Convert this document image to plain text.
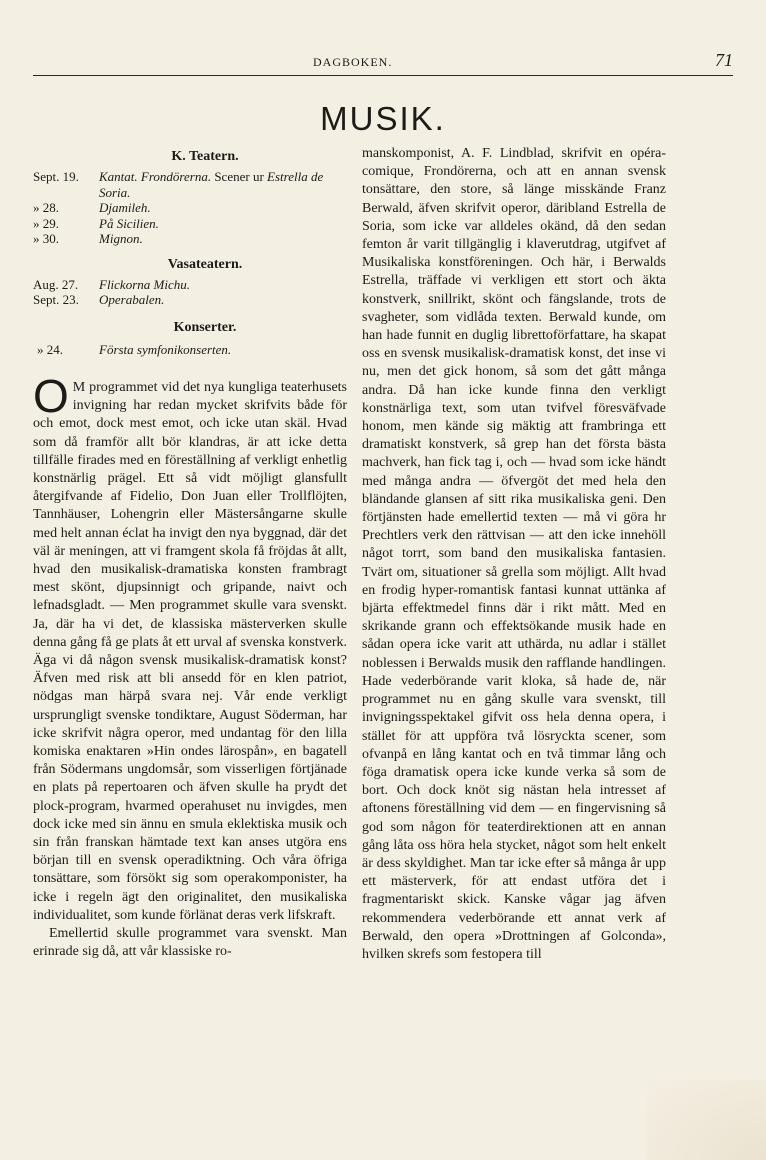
DAGBOKEN.	71
MUSIK.
K. Teatern.
Sept. 19.	Kantat. Frondörerna. Scener ur Estrella de Soria.
» 28.	Djamileh.
» 29.	På Sicilien.
» 30.	Mignon.
Vasateatern.
Aug. 27.	Flickorna Michu.
Sept. 23.	Operabalen.
Konserter.
» 24.	Första symfonikonserten.

O M programmet vid det nya kungliga teaterhusets invigning har redan mycket skrifvits både för och emot, dock mest emot, och icke utan skäl. Hvad som då framför allt bör klandras, är att icke detta tillfälle firades med en föreställning af verkligt enhetlig konstnärlig prägel. Ett så vidt möjligt glansfullt återgifvande af Fidelio, Don Juan eller Trollflöjten, Tannhäuser, Lohengrin eller Mästersångarne skulle med helt annan éclat ha invigt den nya byggnad, där det väl är meningen, att vi framgent skola få fröjdas åt allt, hvad den musikalisk-dramatiska konsten frambragt mest skönt, djupsinnigt och gripande, naivt och lefnadsgladt. — Men programmet skulle vara svenskt. Ja, där ha vi det, de klassiska mästerverken skulle denna gång få ge plats åt ett urval af svenska konstverk. Äga vi då någon svensk musikalisk-dramatisk konst? Äfven med risk att bli ansedd för en klen patriot, nödgas man härpå svara nej. Vår ende verkligt ursprungligt svenske tondiktare, August Söderman, har icke skrifvit några operor, med undantag för den lilla komiska enaktaren »Hin ondes lärospån», en bagatell från Södermans ungdomsår, som visserligen förtjänade en plats på repertoaren och äfven skulle ha prydt det plock-program, hvarmed operahuset nu invigdes, men dock icke med sin ännu en smula eklektiska musik och sin från franskan hämtade text kan anses utgöra ens början till en svensk operadiktning. Och våra öfriga tonsättare, som försökt sig som operakomponister, ha icke i regeln ägt den originalitet, den musikaliska individualitet, som kunde förlänat deras verk lifskraft.

Emellertid skulle programmet vara svenskt. Man erinrade sig då, att vår klassiske ro-

manskomponist, A. F. Lindblad, skrifvit en opéra-comique, Frondörerna, och att en annan svensk tonsättare, den store, så länge misskände Franz Berwald, äfven skrifvit operor, däribland Estrella de Soria, som icke var alldeles okänd, då den sedan femton år varit tillgänglig i klaverutdrag, utgifvet af Musikaliska konstföreningen. Och här, i Berwalds Estrella, träffade vi verkligen ett stort och äkta konstverk, snillrikt, skönt och fängslande, trots de svagheter, som vidlåda texten. Berwald kunde, om han hade funnit en duglig librettoförfattare, ha skapat oss en svensk musikalisk-dramatisk konst, det inse vi nu, men det gick honom, så som det gått många andra. Då han icke kunde finna den verkligt konstnärliga text, som utan tvifvel föresväfvade honom, men kände sig mäktig att frambringa ett dramatiskt konstverk, så grep han det första bästa machverk, han fick tag i, och — hvad som icke händt med många andra — öfvergöt det med hela den bländande glansen af sitt rika musikaliska geni. Den förtjänsten hade emellertid texten — må vi göra hr Prechtlers verk den rättvisan — att den icke innehöll något torrt, som band den musikaliska fantasien. Tvärt om, situationer så grella som möjligt. Allt hvad en frodig hyper-romantisk fantasi kunnat uttänka af bjärta effektmedel finns där i rikt mått. Med en skrikande grann och effektsökande musik hade en sådan opera icke varit att uthärda, nu adlar i stället noblessen i Berwalds musik den rafflande handlingen. Hade vederbörande varit kloka, så hade de, när programmet nu en gång skulle vara svenskt, till invigningsspektakel gifvit oss hela denna opera, i stället för att uppföra två lösryckta scener, som ofvanpå en lång kantat och en två timmar lång och föga dramatisk opera icke kunde verka så som de bort. Och dock knöt sig nästan hela intresset af aftonens föreställning vid dem — en fingervisning så god som någon för teaterdirektionen att en annan gång låta oss höra hela stycket, något som helt enkelt är dess skyldighet. Man tar icke efter så många år upp ett mästerverk, för att endast utföra det i fragmentariskt skick. Kanske vågar jag äfven rekommendera vederbörande ett annat verk af Berwald, den opera »Drottningen af Golconda», hvilken skrefs som festopera till
